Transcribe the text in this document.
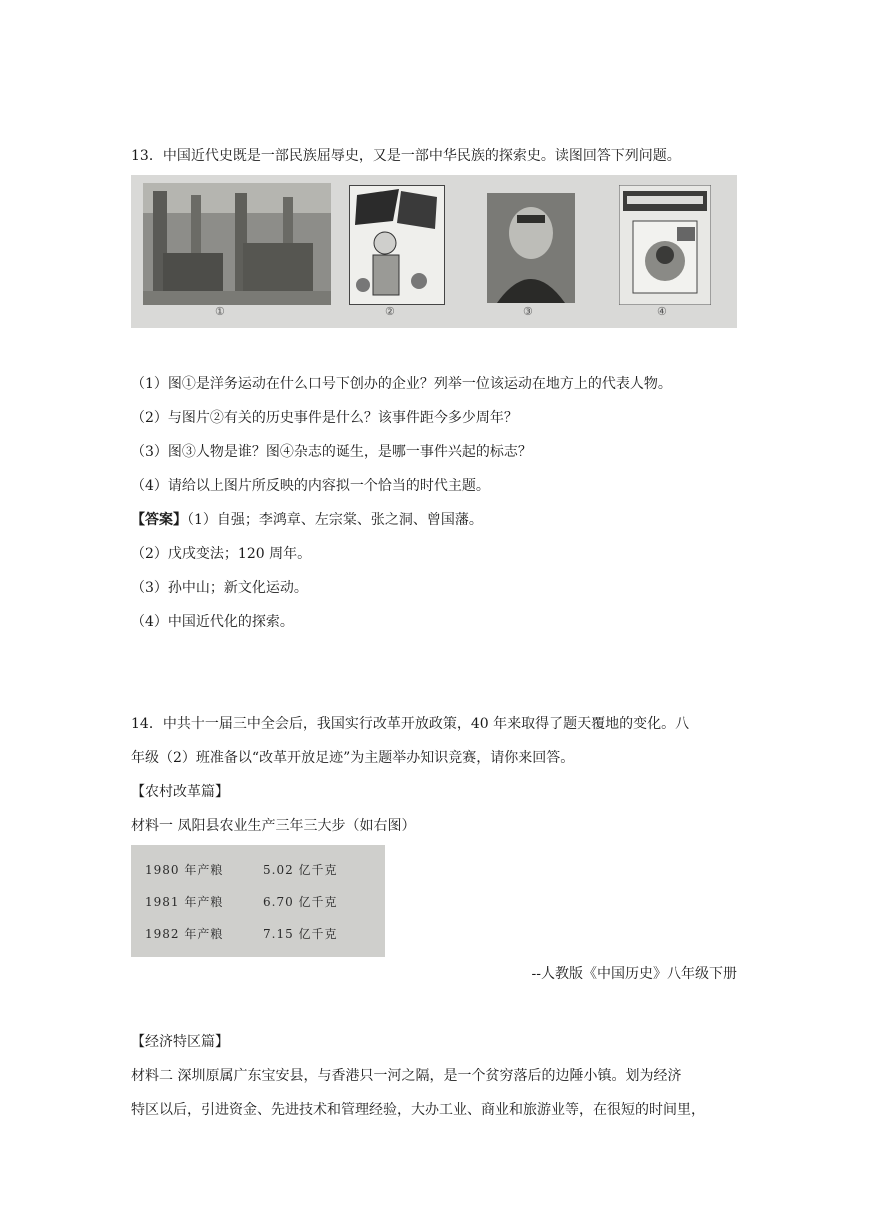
13．中国近代史既是一部民族屈辱史，又是一部中华民族的探索史。读图回答下列问题。
①	②	③	④
（1）图①是洋务运动在什么口号下创办的企业？列举一位该运动在地方上的代表人物。
（2）与图片②有关的历史事件是什么？该事件距今多少周年？
（3）图③人物是谁？图④杂志的诞生，是哪一事件兴起的标志？
（4）请给以上图片所反映的内容拟一个恰当的时代主题。
【答案】（1）自强；李鸿章、左宗棠、张之洞、曾国藩。
（2）戊戌变法；120 周年。
（3）孙中山；新文化运动。
（4）中国近代化的探索。
14．中共十一届三中全会后，我国实行改革开放政策，40 年来取得了题天覆地的变化。八
年级（2）班准备以“改革开放足迹”为主题举办知识竞赛，请你来回答。
【农村改革篇】
材料一 凤阳县农业生产三年三大步（如右图）
1980 年产粮	5.02 亿千克
1981 年产粮	6.70 亿千克
1982 年产粮	7.15 亿千克
--人教版《中国历史》八年级下册
【经济特区篇】
材料二 深圳原属广东宝安县，与香港只一河之隔，是一个贫穷落后的边陲小镇。划为经济
特区以后，引进资金、先进技术和管理经验，大办工业、商业和旅游业等，在很短的时间里，
